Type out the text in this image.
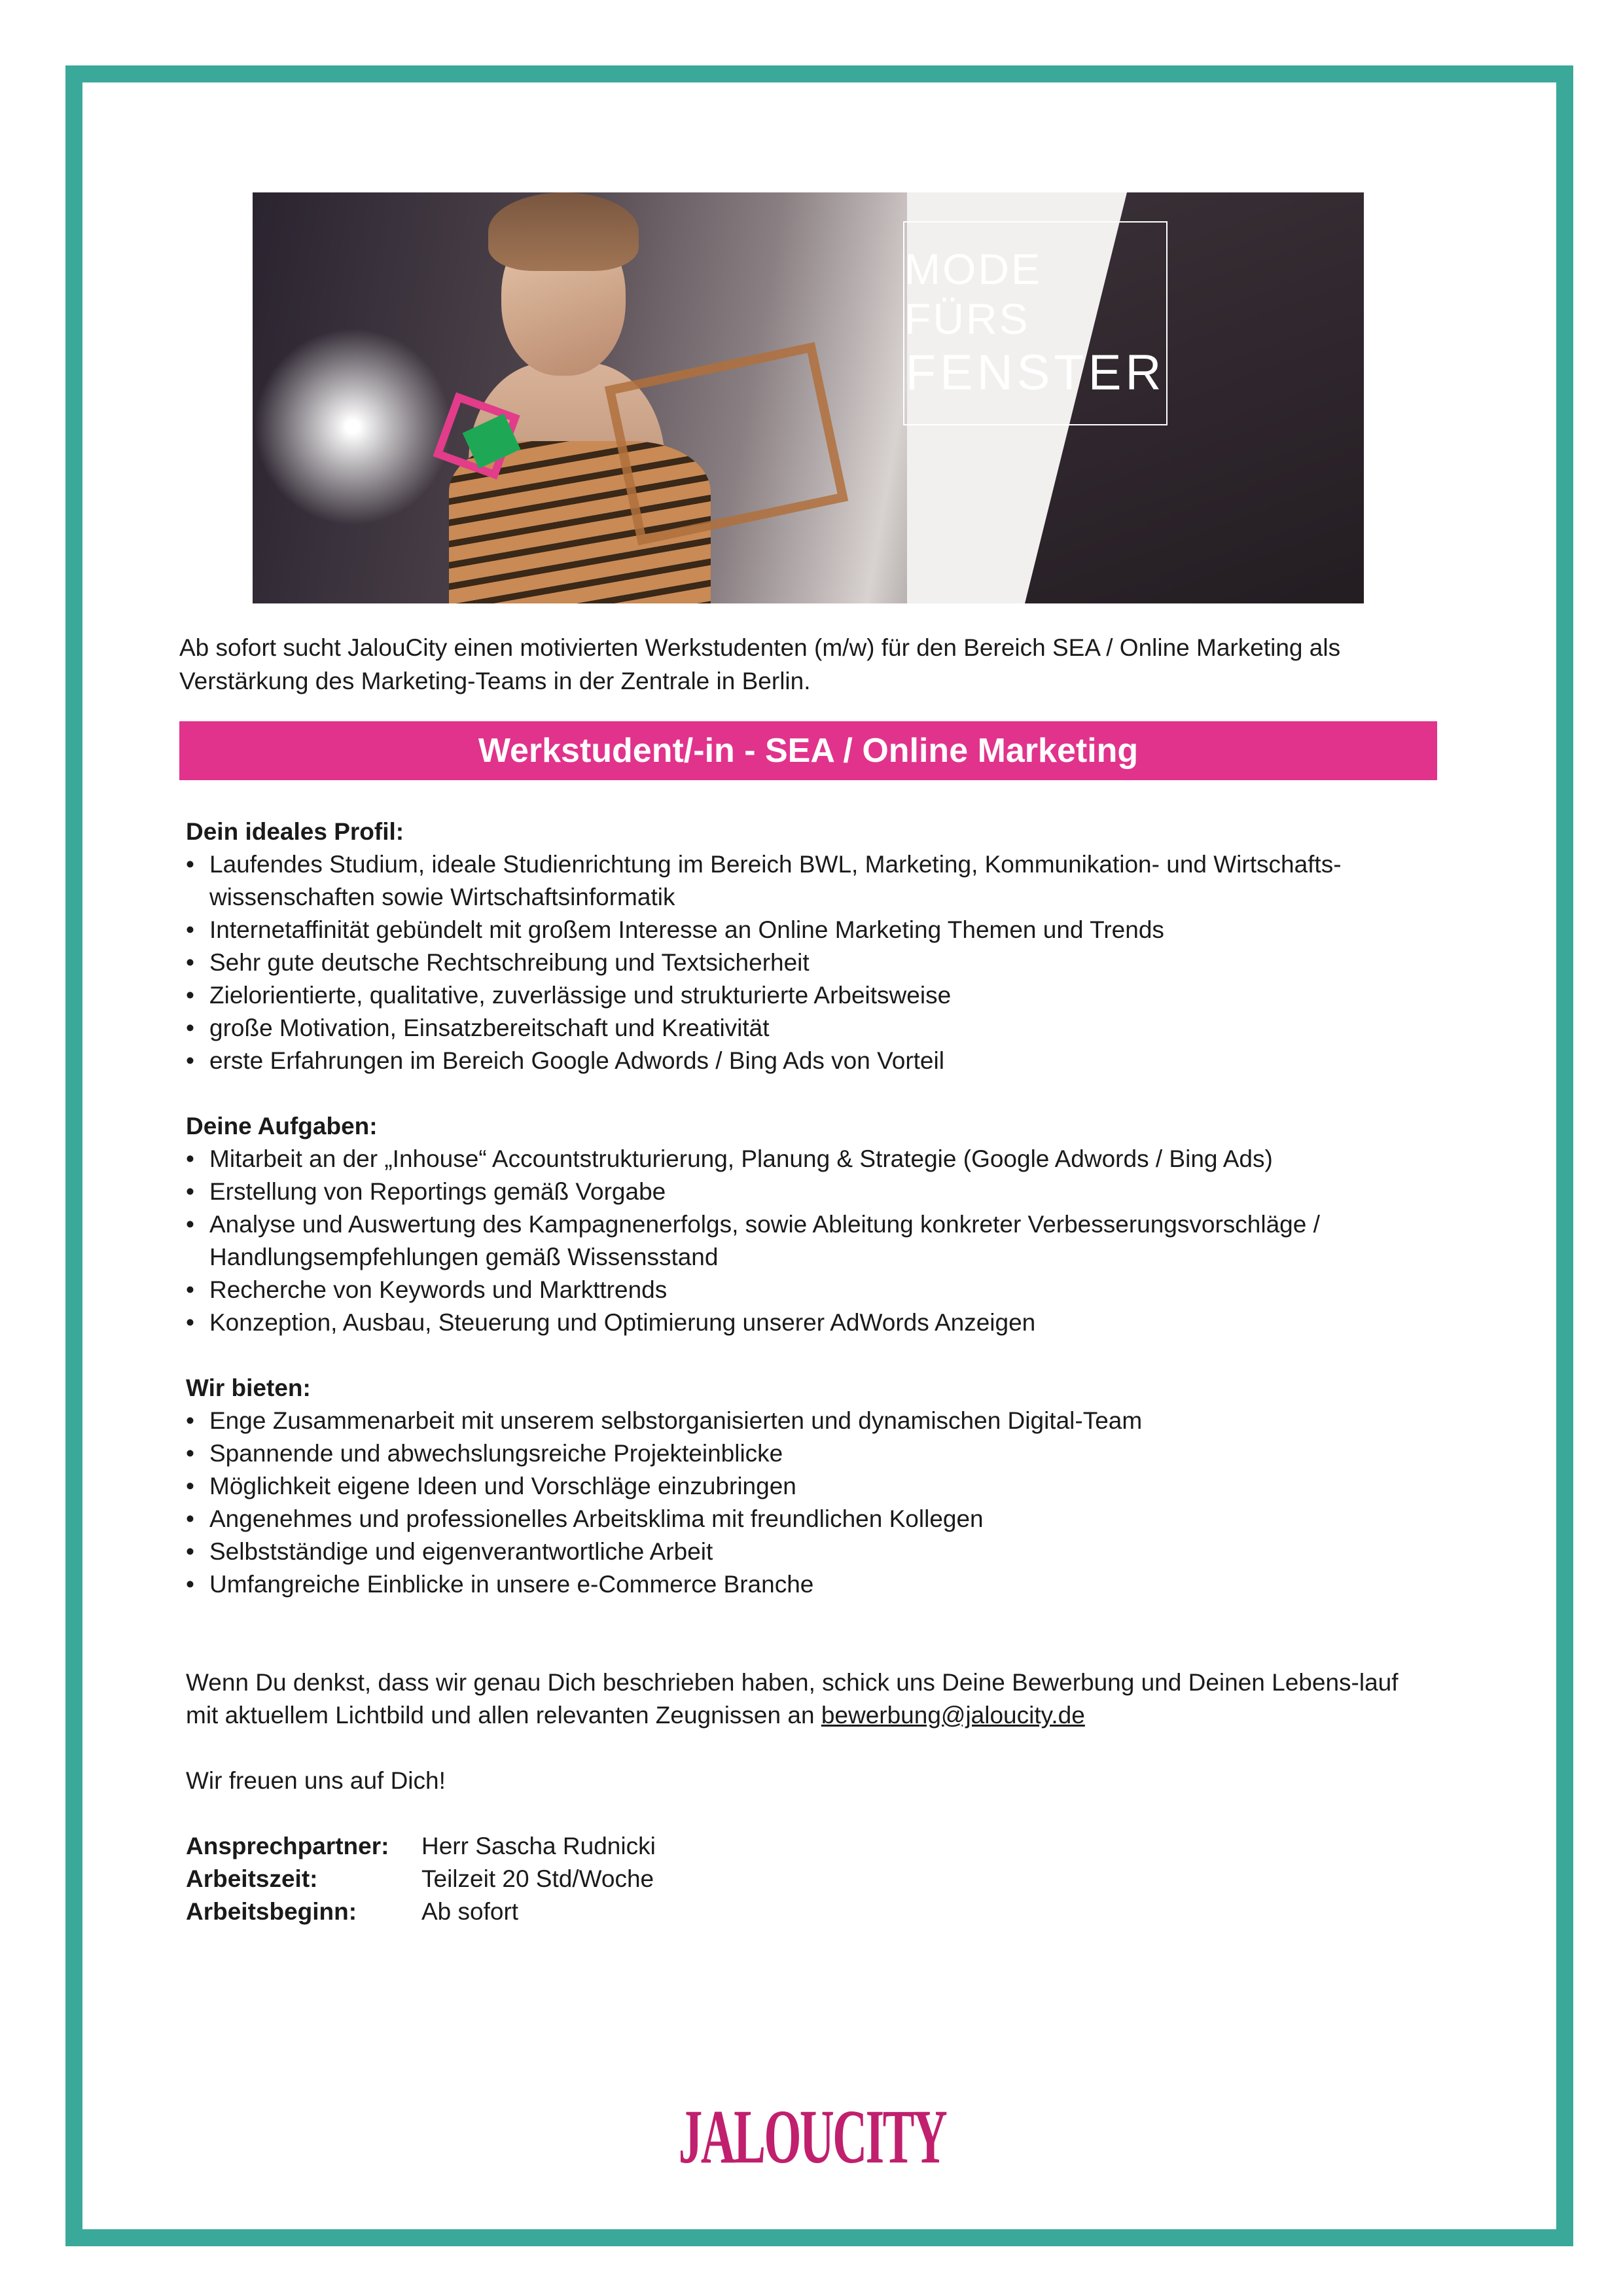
MODE FÜRS
FENSTER

Ab sofort sucht JalouCity einen motivierten Werkstudenten (m/w) für den Bereich SEA / Online Marketing als Verstärkung des Marketing-Teams in der Zentrale in Berlin.

Werkstudent/-in - SEA / Online Marketing

Dein ideales Profil:

• Laufendes Studium, ideale Studienrichtung im Bereich BWL, Marketing, Kommunikation- und Wirtschafts-wissenschaften sowie Wirtschaftsinformatik
• Internetaffinität gebündelt mit großem Interesse an Online Marketing Themen und Trends
• Sehr gute deutsche Rechtschreibung und Textsicherheit
• Zielorientierte, qualitative, zuverlässige und strukturierte Arbeitsweise
• große Motivation, Einsatzbereitschaft und Kreativität
• erste Erfahrungen im Bereich Google Adwords / Bing Ads von Vorteil

Deine Aufgaben:

• Mitarbeit an der „Inhouse“ Accountstrukturierung, Planung & Strategie (Google Adwords / Bing Ads)
• Erstellung von Reportings gemäß Vorgabe
• Analyse und Auswertung des Kampagnenerfolgs, sowie Ableitung konkreter Verbesserungsvorschläge / Handlungsempfehlungen gemäß Wissensstand
• Recherche von Keywords und Markttrends
• Konzeption, Ausbau, Steuerung und Optimierung unserer AdWords Anzeigen

Wir bieten:

• Enge Zusammenarbeit mit unserem selbstorganisierten und dynamischen Digital-Team
• Spannende und abwechslungsreiche Projekteinblicke
• Möglichkeit eigene Ideen und Vorschläge einzubringen
• Angenehmes und professionelles Arbeitsklima mit freundlichen Kollegen
• Selbstständige und eigenverantwortliche Arbeit
• Umfangreiche Einblicke in unsere e-Commerce Branche

Wenn Du denkst, dass wir genau Dich beschrieben haben, schick uns Deine Bewerbung und Deinen Lebens-lauf mit aktuellem Lichtbild und allen relevanten Zeugnissen an bewerbung@jaloucity.de

Wir freuen uns auf Dich!

Ansprechpartner:	Herr Sascha Rudnicki
Arbeitszeit:	Teilzeit 20 Std/Woche
Arbeitsbeginn:	Ab sofort
JALOUCITY
